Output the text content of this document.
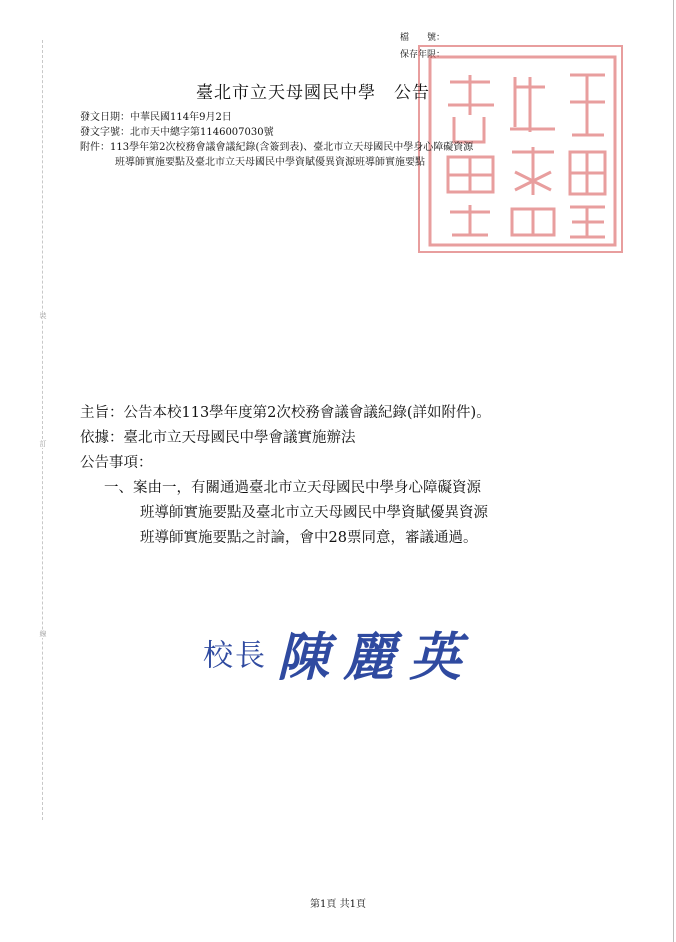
裝
訂
線
檔　　號：
保存年限：
臺北市立天母國民中學 公告
發文日期：中華民國114年9月2日
發文字號：北市天中總字第1146007030號
附件：113學年第2次校務會議會議紀錄(含簽到表)、臺北市立天母國民中學身心障礙資源
班導師實施要點及臺北市立天母國民中學資賦優異資源班導師實施要點
主旨：公告本校113學年度第2次校務會議會議紀錄(詳如附件)。
依據：臺北市立天母國民中學會議實施辦法
公告事項：
一、案由一，有關通過臺北市立天母國民中學身心障礙資源
班導師實施要點及臺北市立天母國民中學資賦優異資源
班導師實施要點之討論，會中28票同意，審議通過。
校長 陳麗英
第1頁 共1頁
